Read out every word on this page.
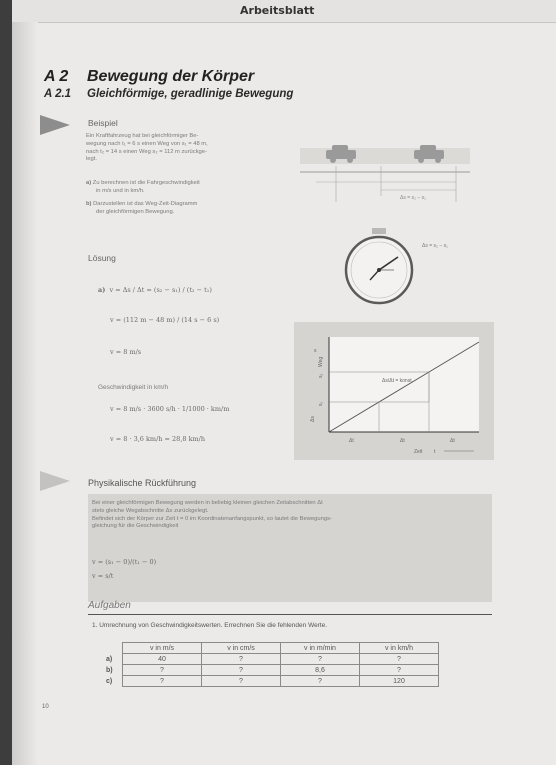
Arbeitsblatt
A 2 Bewegung der Körper
A 2.1 Gleichförmige, geradlinige Bewegung
Beispiel
Ein Kraftfahrzeug hat bei gleichförmiger Be-
wegung nach t₁ = 6 s einen Weg von s₁ = 48 m,
nach t₂ = 14 s einen Weg s₂ = 112 m zurückge-
legt.
a) Zu berechnen ist die Fahrgeschwindigkeit
in m/s und in km/h.
b) Darzustellen ist das Weg-Zeit-Diagramm
der gleichförmigen Bewegung.
Δs = s₂ − s₁
Δs = s₂ − s₁
Weg
s₁
s₂
Δs
s
Δs/Δt = konst.
Δt	Δt	Δt
Zeit t
Lösung
a) v = Δs / Δt = (s₂ − s₁) / (t₂ − t₁)
v = (112 m − 48 m) / (14 s − 6 s)
v = 8 m/s
Geschwindigkeit in km/h
v = 8 m/s · 3600 s/h · 1/1000 · km/m
v = 8 · 3,6 km/h = 28,8 km/h
Physikalische Rückführung
Bei einer gleichförmigen Bewegung werden in beliebig kleinen gleichen Zeitabschnitten Δt
stets gleiche Wegabschnitte Δs zurückgelegt.
Befindet sich der Körper zur Zeit t = 0 im Koordinatenanfangspunkt, so lautet die Bewegungs-
gleichung für die Geschwindigkeit
v = (s₁ − 0)/(t₁ − 0)
v = s/t
Aufgaben
1. Umrechnung von Geschwindigkeitswerten. Errechnen Sie die fehlenden Werte.
	v in m/s	v in cm/s	v in m/min	v in km/h
a)	40	?	?	?
b)	?	?	8,6	?
c)	?	?	?	120
10
